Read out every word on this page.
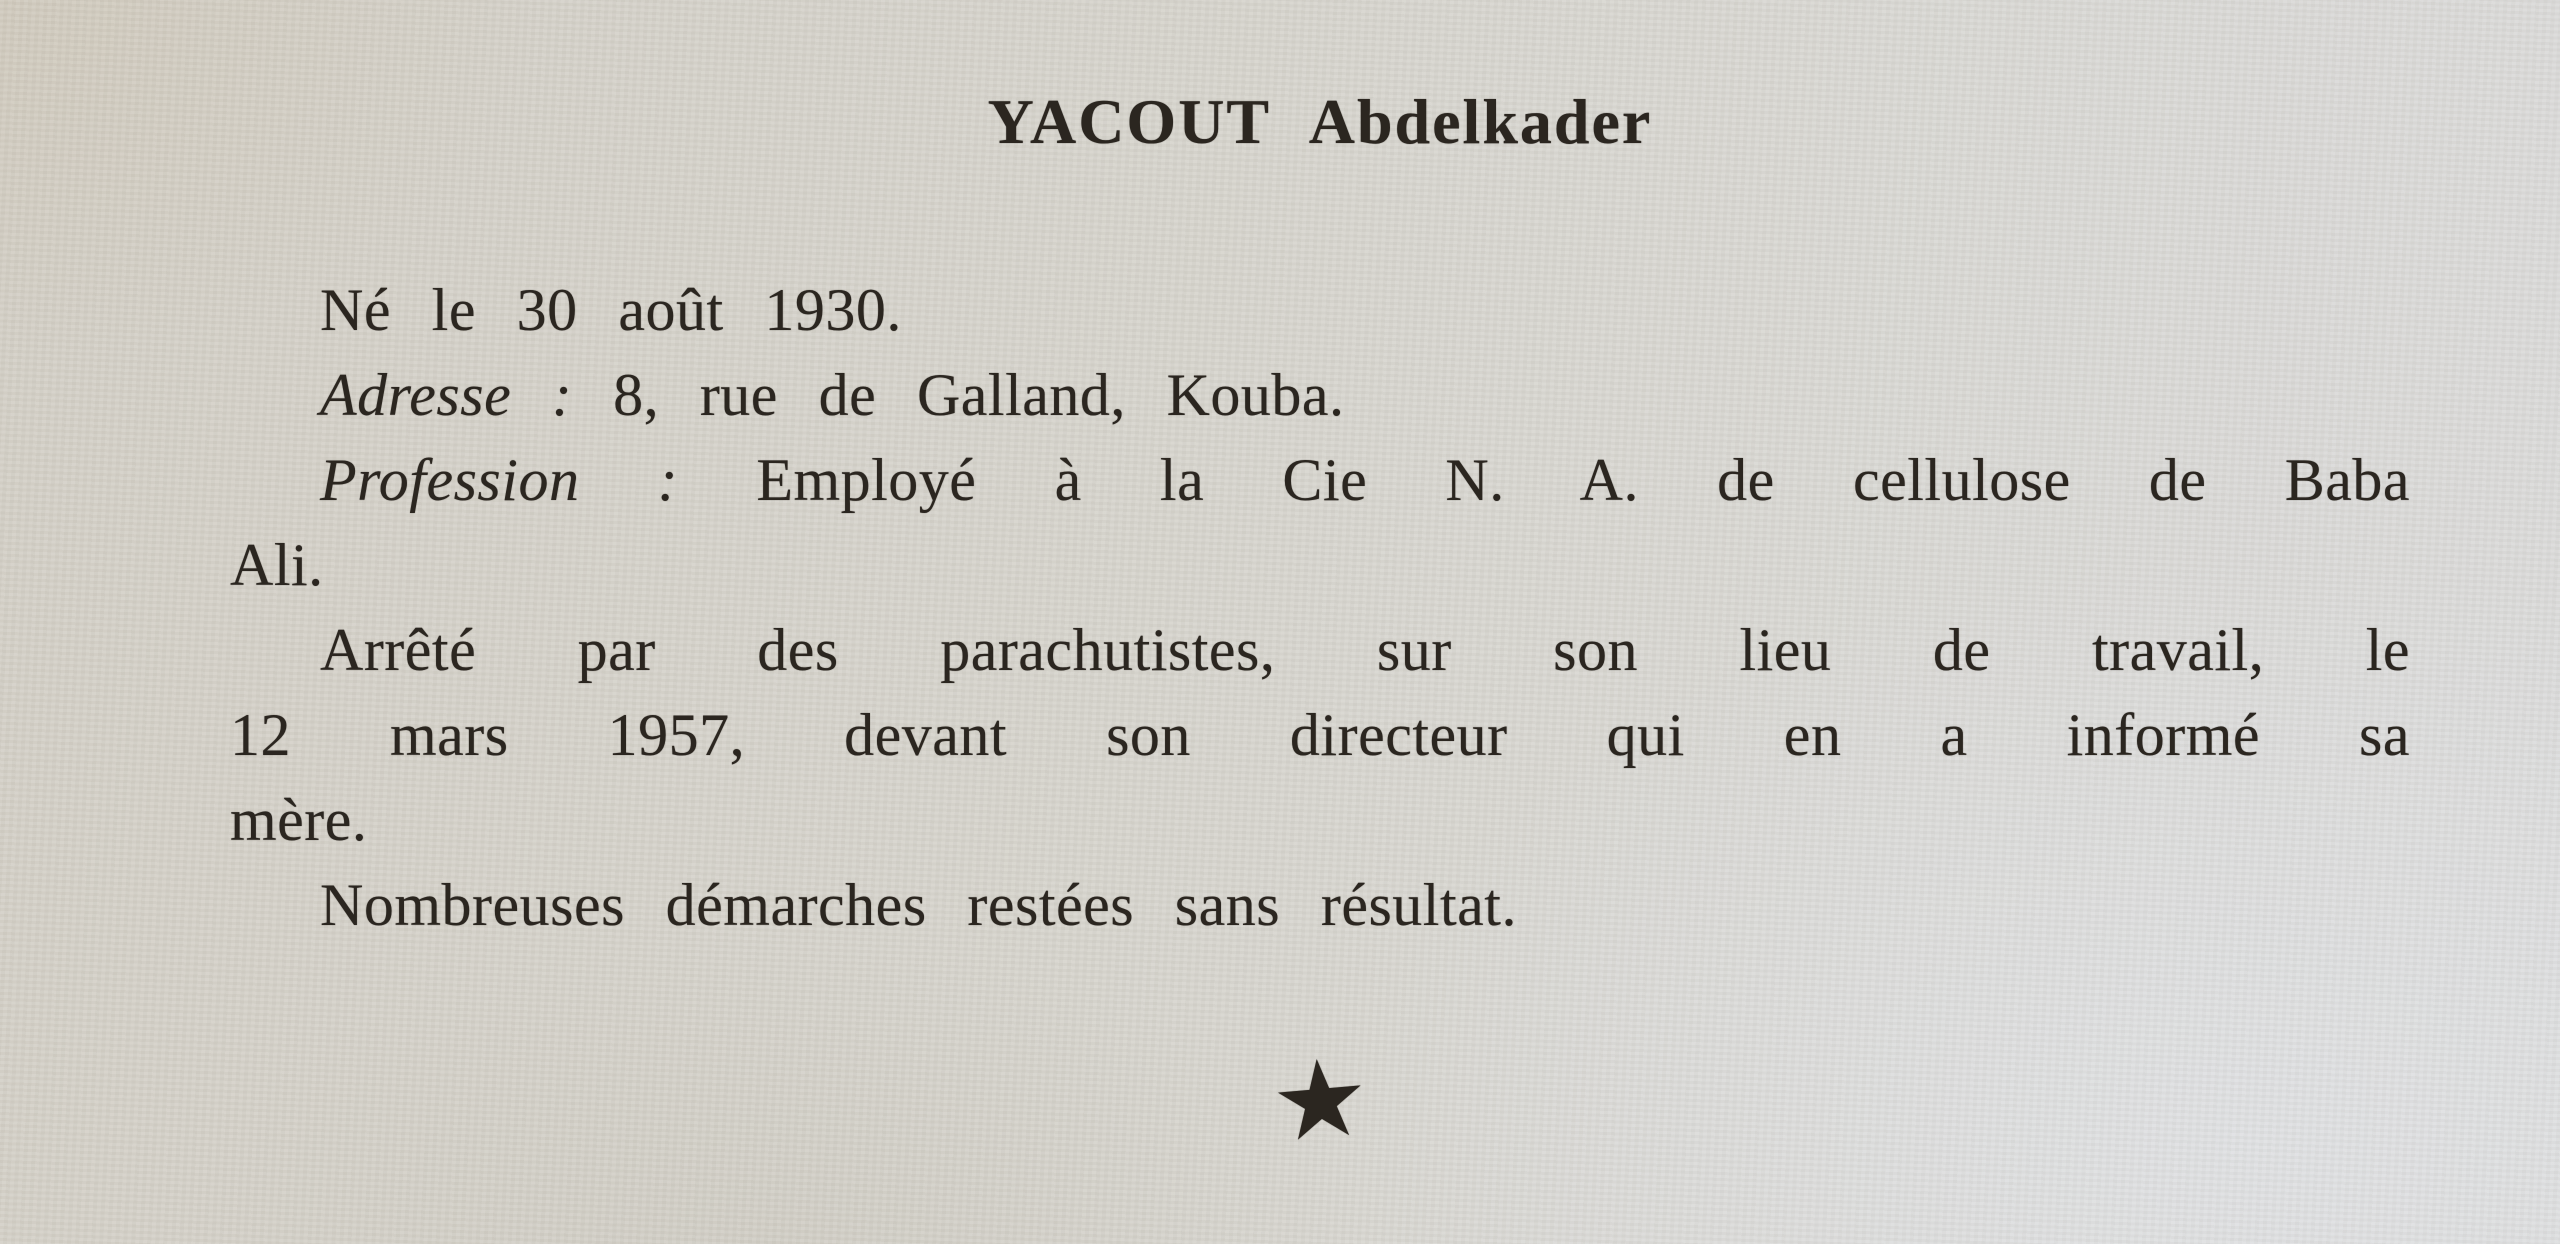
YACOUT Abdelkader

Né le 30 août 1930.

Adresse : 8, rue de Galland, Kouba.

Profession : Employé à la Cie N. A. de cellulose de Baba

Ali.

Arrêté par des parachutistes, sur son lieu de travail, le

12 mars 1957, devant son directeur qui en a informé sa

mère.

Nombreuses démarches restées sans résultat.

★
